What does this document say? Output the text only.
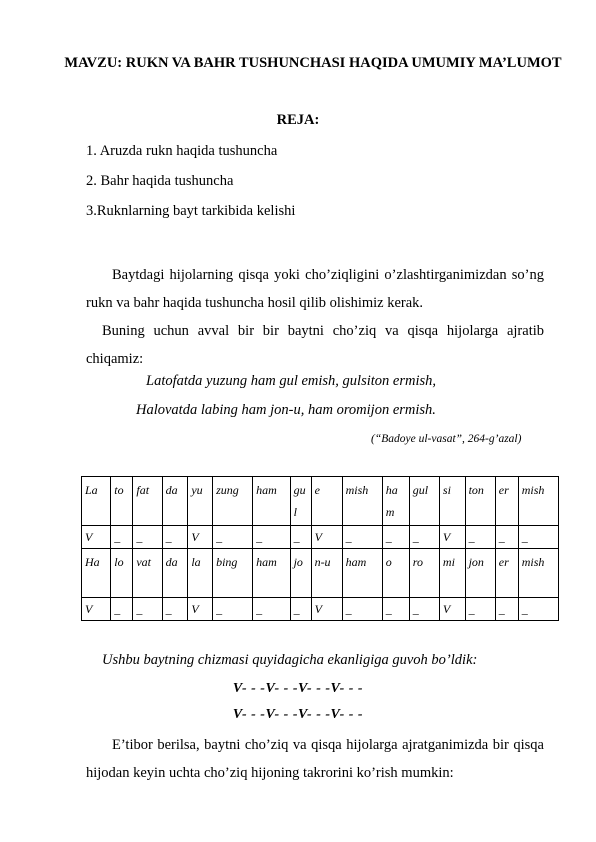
MAVZU: RUKN VA BAHR TUSHUNCHASI HAQIDA UMUMIY MA’LUMOT
REJA:
1. Aruzda rukn haqida tushuncha
2. Bahr haqida tushuncha
3.Ruknlarning bayt tarkibida kelishi
Baytdagi hijolarning qisqa yoki cho’ziqligini o’zlashtirganimizdan so’ng rukn va bahr haqida tushuncha hosil qilib olishimiz kerak.
Buning uchun avval bir bir baytni cho’ziq va qisqa hijolarga ajratib chiqamiz:
Latofatda yuzung ham gul emish, gulsiton ermish,
Halovatda labing ham jon-u, ham oromijon ermish.
(“Badoye ul-vasat”, 264-g’azal)
La	to	fat	da	yu	zung	ham	gu l	e	mish	ha m	gul	si	ton	er	mish
V	_	_	_	V	_	_	_	V	_	_	_	V	_	_	_
Ha	lo	vat	da	la	bing	ham	jo	n-u	ham	o	ro	mi	jon	er	mish
V	_	_	_	V	_	_	_	V	_	_	_	V	_	_	_
Ushbu baytning chizmasi quyidagicha ekanligiga guvoh bo’ldik:
V- - -V- - -V- - -V- - -
V- - -V- - -V- - -V- - -
E’tibor berilsa, baytni cho’ziq va qisqa hijolarga ajratganimizda bir qisqa hijodan keyin uchta cho’ziq hijoning takrorini ko’rish mumkin:
